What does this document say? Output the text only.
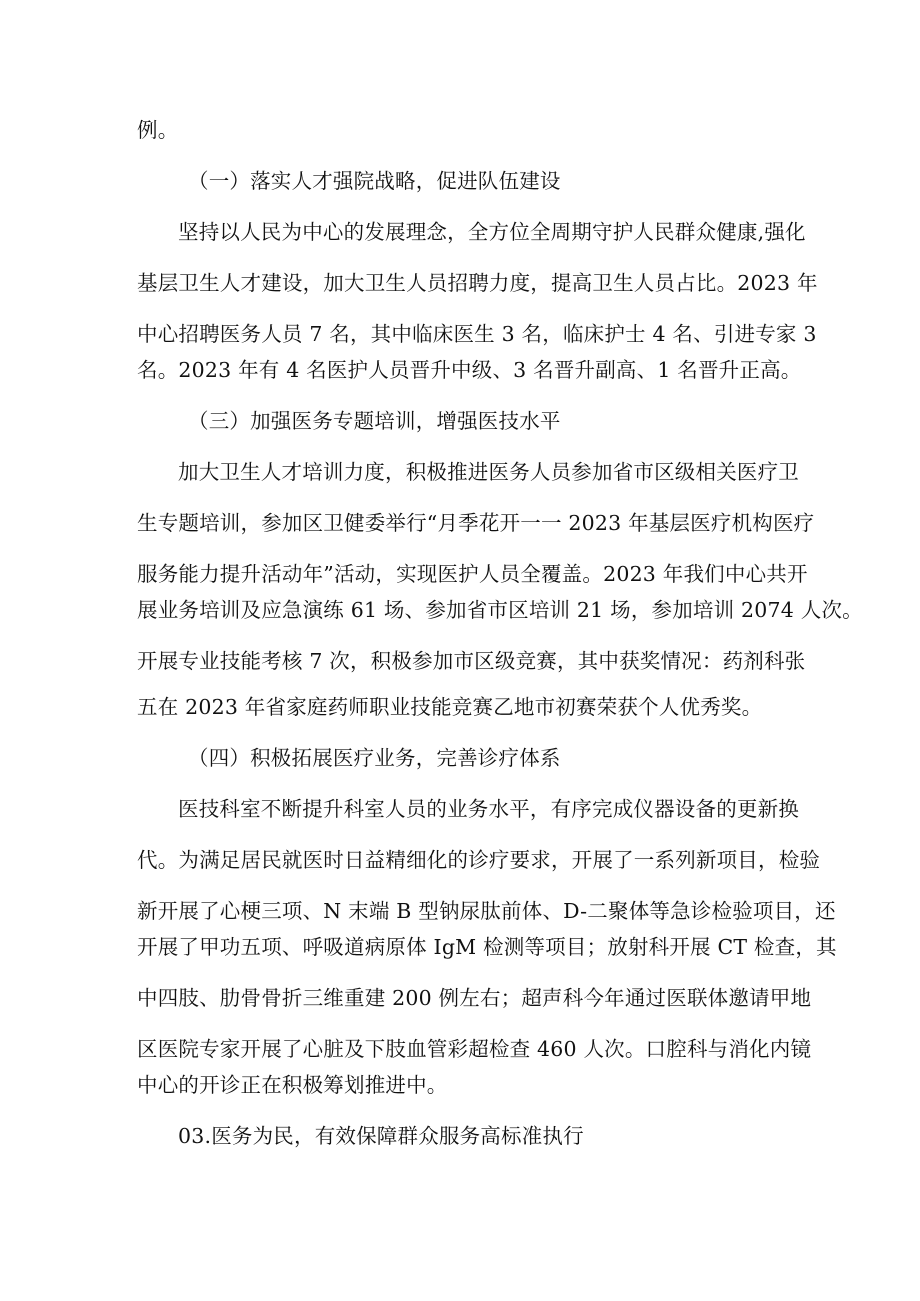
例。
（一）落实人才强院战略，促进队伍建设
坚持以人民为中心的发展理念，全方位全周期守护人民群众健康,强化
基层卫生人才建设，加大卫生人员招聘力度，提高卫生人员占比。2023 年
中心招聘医务人员 7 名，其中临床医生 3 名，临床护士 4 名、引进专家 3
名。2023 年有 4 名医护人员晋升中级、3 名晋升副高、1 名晋升正高。
（三）加强医务专题培训，增强医技水平
加大卫生人才培训力度，积极推进医务人员参加省市区级相关医疗卫
生专题培训，参加区卫健委举行“月季花开一一 2023 年基层医疗机构医疗
服务能力提升活动年”活动，实现医护人员全覆盖。2023 年我们中心共开
展业务培训及应急演练 61 场、参加省市区培训 21 场，参加培训 2074 人次。
开展专业技能考核 7 次，积极参加市区级竞赛，其中获奖情况：药剂科张
五在 2023 年省家庭药师职业技能竞赛乙地市初赛荣获个人优秀奖。
（四）积极拓展医疗业务，完善诊疗体系
医技科室不断提升科室人员的业务水平，有序完成仪器设备的更新换
代。为满足居民就医时日益精细化的诊疗要求，开展了一系列新项目，检验
新开展了心梗三项、N 末端 B 型钠尿肽前体、D-二聚体等急诊检验项目，还
开展了甲功五项、呼吸道病原体 IgM 检测等项目；放射科开展 CT 检查，其
中四肢、肋骨骨折三维重建 200 例左右；超声科今年通过医联体邀请甲地
区医院专家开展了心脏及下肢血管彩超检查 460 人次。口腔科与消化内镜
中心的开诊正在积极筹划推进中。
03.医务为民，有效保障群众服务高标准执行
